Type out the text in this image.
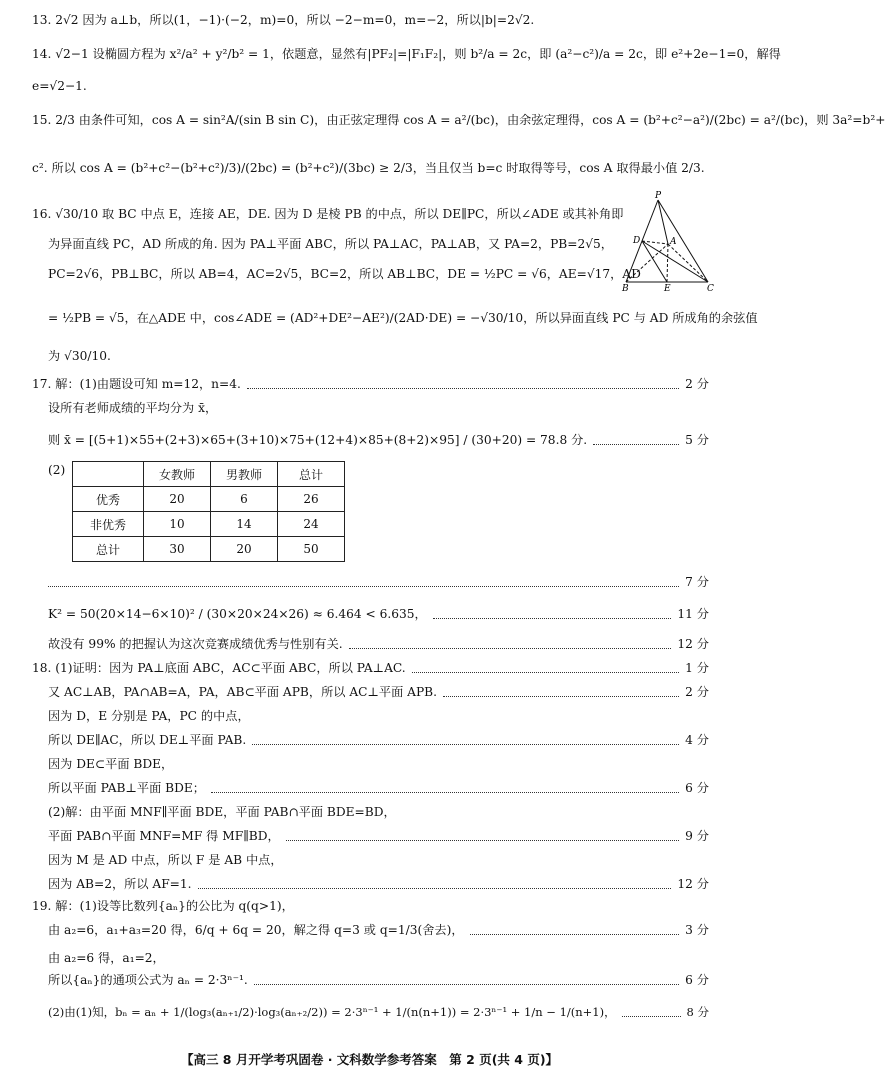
13. 2√2 因为 a⊥b，所以(1，−1)·(−2，m)=0，所以 −2−m=0，m=−2，所以|b|=2√2.
14. √2−1 设椭圆方程为 x²/a² + y²/b² = 1，依题意，显然有|PF₂|=|F₁F₂|，则 b²/a = 2c，即 (a²−c²)/a = 2c，即 e²+2e−1=0，解得
e=√2−1.
15. 2/3 由条件可知，cos A = sin²A/(sin B sin C)，由正弦定理得 cos A = a²/(bc)，由余弦定理得，cos A = (b²+c²−a²)/(2bc) = a²/(bc)，则 3a²=b²+
c². 所以 cos A = (b²+c²−(b²+c²)/3)/(2bc) = (b²+c²)/(3bc) ≥ 2/3，当且仅当 b=c 时取得等号，cos A 取得最小值 2/3.
16. √30/10 取 BC 中点 E，连接 AE，DE. 因为 D 是棱 PB 的中点，所以 DE∥PC，所以∠ADE 或其补角即
为异面直线 PC，AD 所成的角. 因为 PA⊥平面 ABC，所以 PA⊥AC，PA⊥AB，又 PA=2，PB=2√5，
PC=2√6，PB⊥BC，所以 AB=4，AC=2√5，BC=2，所以 AB⊥BC，DE = ½PC = √6，AE=√17，AD
= ½PB = √5，在△ADE 中，cos∠ADE = (AD²+DE²−AE²)/(2AD·DE) = −√30/10，所以异面直线 PC 与 AD 所成角的余弦值
为 √30/10.
P
D	A
B	E	C
17. 解：(1)由题设可知 m=12，n=4.	2 分
设所有老师成绩的平均分为 x̄，
则 x̄ = [(5+1)×55+(2+3)×65+(3+10)×75+(12+4)×85+(8+2)×95] / (30+20) = 78.8 分.	5 分
(2)
		女教师	男教师	总计
优秀	20	6	26
非优秀	10	14	24
总计	30	20	50
7 分
K² = 50(20×14−6×10)² / (30×20×24×26) ≈ 6.464 < 6.635，	11 分
故没有 99% 的把握认为这次竞赛成绩优秀与性别有关.	12 分
18. (1)证明：因为 PA⊥底面 ABC，AC⊂平面 ABC，所以 PA⊥AC.	1 分
又 AC⊥AB，PA∩AB=A，PA，AB⊂平面 APB，所以 AC⊥平面 APB.	2 分
因为 D，E 分别是 PA，PC 的中点，
所以 DE∥AC，所以 DE⊥平面 PAB.	4 分
因为 DE⊂平面 BDE，
所以平面 PAB⊥平面 BDE；	6 分
(2)解：由平面 MNF∥平面 BDE，平面 PAB∩平面 BDE=BD，
平面 PAB∩平面 MNF=MF 得 MF∥BD，	9 分
因为 M 是 AD 中点，所以 F 是 AB 中点，
因为 AB=2，所以 AF=1.	12 分
19. 解：(1)设等比数列{aₙ}的公比为 q(q>1)，
由 a₂=6，a₁+a₃=20 得，6/q + 6q = 20，解之得 q=3 或 q=1/3(舍去)，	3 分
由 a₂=6 得，a₁=2，
所以{aₙ}的通项公式为 aₙ = 2·3ⁿ⁻¹.	6 分
(2)由(1)知，bₙ = aₙ + 1/(log₃(aₙ₊₁/2)·log₃(aₙ₊₂/2)) = 2·3ⁿ⁻¹ + 1/(n(n+1)) = 2·3ⁿ⁻¹ + 1/n − 1/(n+1)，	8 分
【高三 8 月开学考巩固卷 · 文科数学参考答案　第 2 页(共 4 页)】
